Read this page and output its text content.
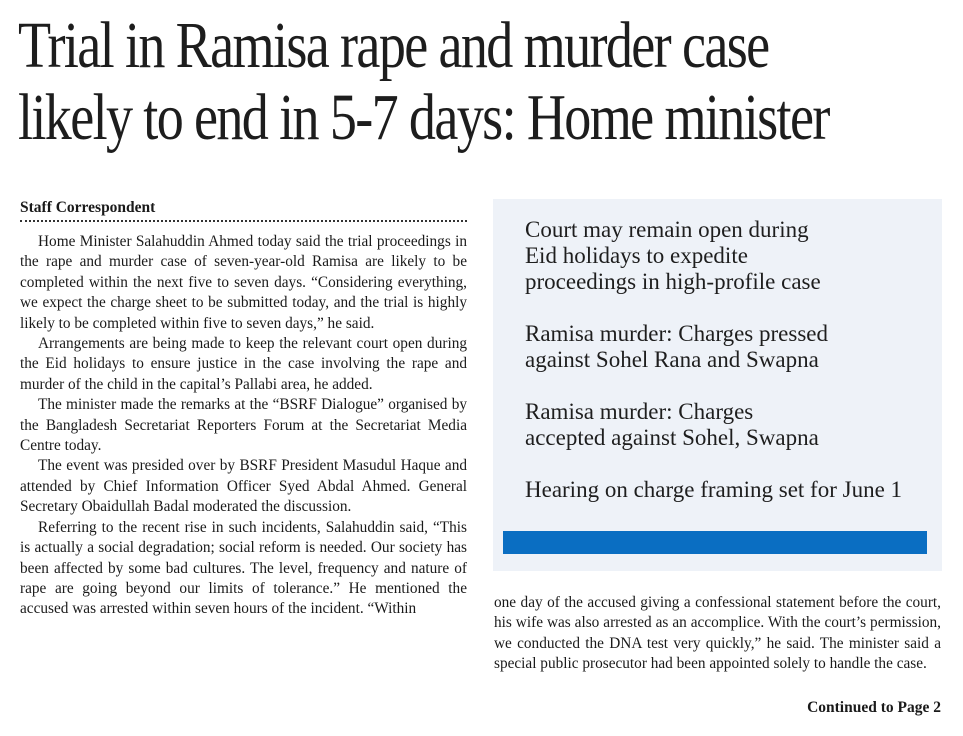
Trial in Ramisa rape and murder case
likely to end in 5-7 days: Home minister
Staff Correspondent

Home Minister Salahuddin Ahmed today said the trial proceedings in the rape and murder case of seven-year-old Ramisa are likely to be completed within the next five to seven days. “Considering everything, we expect the charge sheet to be submitted today, and the trial is highly likely to be completed within five to seven days,” he said.

Arrangements are being made to keep the relevant court open during the Eid holidays to ensure justice in the case involving the rape and murder of the child in the capital’s Pallabi area, he added.

The minister made the remarks at the “BSRF Dialogue” organised by the Bangladesh Secretariat Reporters Forum at the Secretariat Media Centre today.

The event was presided over by BSRF President Masudul Haque and attended by Chief Information Officer Syed Abdal Ahmed. General Secretary Obaidullah Badal moderated the discussion.

Referring to the recent rise in such incidents, Salahuddin said, “This is actually a social degradation; social reform is needed. Our society has been affected by some bad cultures. The level, frequency and nature of rape are going beyond our limits of tolerance.” He mentioned the accused was arrested within seven hours of the incident. “Within

Court may remain open during
Eid holidays to expedite
proceedings in high-profile case
Ramisa murder: Charges pressed
against Sohel Rana and Swapna
Ramisa murder: Charges
accepted against Sohel, Swapna
Hearing on charge framing set for June 1

one day of the accused giving a confessional statement before the court, his wife was also arrested as an accomplice. With the court’s permission, we conducted the DNA test very quickly,” he said. The minister said a special public prosecutor had been appointed solely to handle the case.

Continued to Page 2
